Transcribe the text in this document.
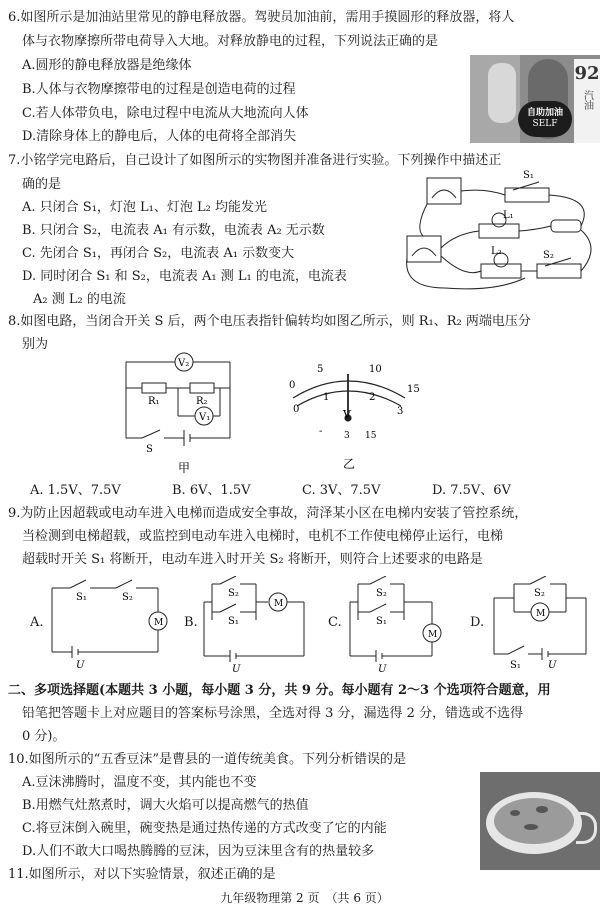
6.如图所示是加油站里常见的静电释放器。驾驶员加油前，需用手摸圆形的释放器，将人
体与衣物摩擦所带电荷导入大地。对释放静电的过程，下列说法正确的是
A.圆形的静电释放器是绝缘体
B.人体与衣物摩擦带电的过程是创造电荷的过程
C.若人体带负电，除电过程中电流从大地流向人体
D.清除身体上的静电后，人体的电荷将全部消失
自助加油
SELF
92
汽油
7.小铭学完电路后，自己设计了如图所示的实物图并准备进行实验。下列操作中描述正
确的是
A. 只闭合 S₁，灯泡 L₁、灯泡 L₂ 均能发光
B. 只闭合 S₂，电流表 A₁ 有示数，电流表 A₂ 无示数
C. 先闭合 S₁，再闭合 S₂，电流表 A₁ 示数变大
D. 同时闭合 S₁ 和 S₂，电流表 A₁ 测 L₁ 的电流，电流表
A₂ 测 L₂ 的电流
S₁
L₁
L₂	S₂
8.如图电路，当闭合开关 S 后，两个电压表指针偏转均如图乙所示，则 R₁、R₂ 两端电压分
别为
V₂
R₁	R₂
V₁
S
甲
0
5	10
15
0
1	2
3
V
- 3 15
乙
A. 1.5V、7.5V	B. 6V、1.5V	C. 3V、7.5V	D. 7.5V、6V
9.为防止因超载或电动车进入电梯而造成安全事故，菏泽某小区在电梯内安装了管控系统，
当检测到电梯超载，或监控到电动车进入电梯时，电机不工作使电梯停止运行，电梯
超载时开关 S₁ 将断开，电动车进入时开关 S₂ 将断开，则符合上述要求的电路是
A.
S₁	S₂
M
U
B.
S₂
S₁
M
U
C.
S₂
S₁
M
U
D.
S₂
M
S₁	U
二、多项选择题(本题共 3 小题，每小题 3 分，共 9 分。每小题有 2～3 个选项符合题意，用
铅笔把答题卡上对应题目的答案标号涂黑，全选对得 3 分，漏选得 2 分，错选或不选得
0 分)。
10.如图所示的“五香豆沫”是曹县的一道传统美食。下列分析错误的是
A.豆沫沸腾时，温度不变，其内能也不变
B.用燃气灶熬煮时，调大火焰可以提高燃气的热值
C.将豆沫倒入碗里，碗变热是通过热传递的方式改变了它的内能
D.人们不敢大口喝热腾腾的豆沫，因为豆沫里含有的热量较多
11.如图所示，对以下实验情景，叙述正确的是
九年级物理第 2 页　（共 6 页）
